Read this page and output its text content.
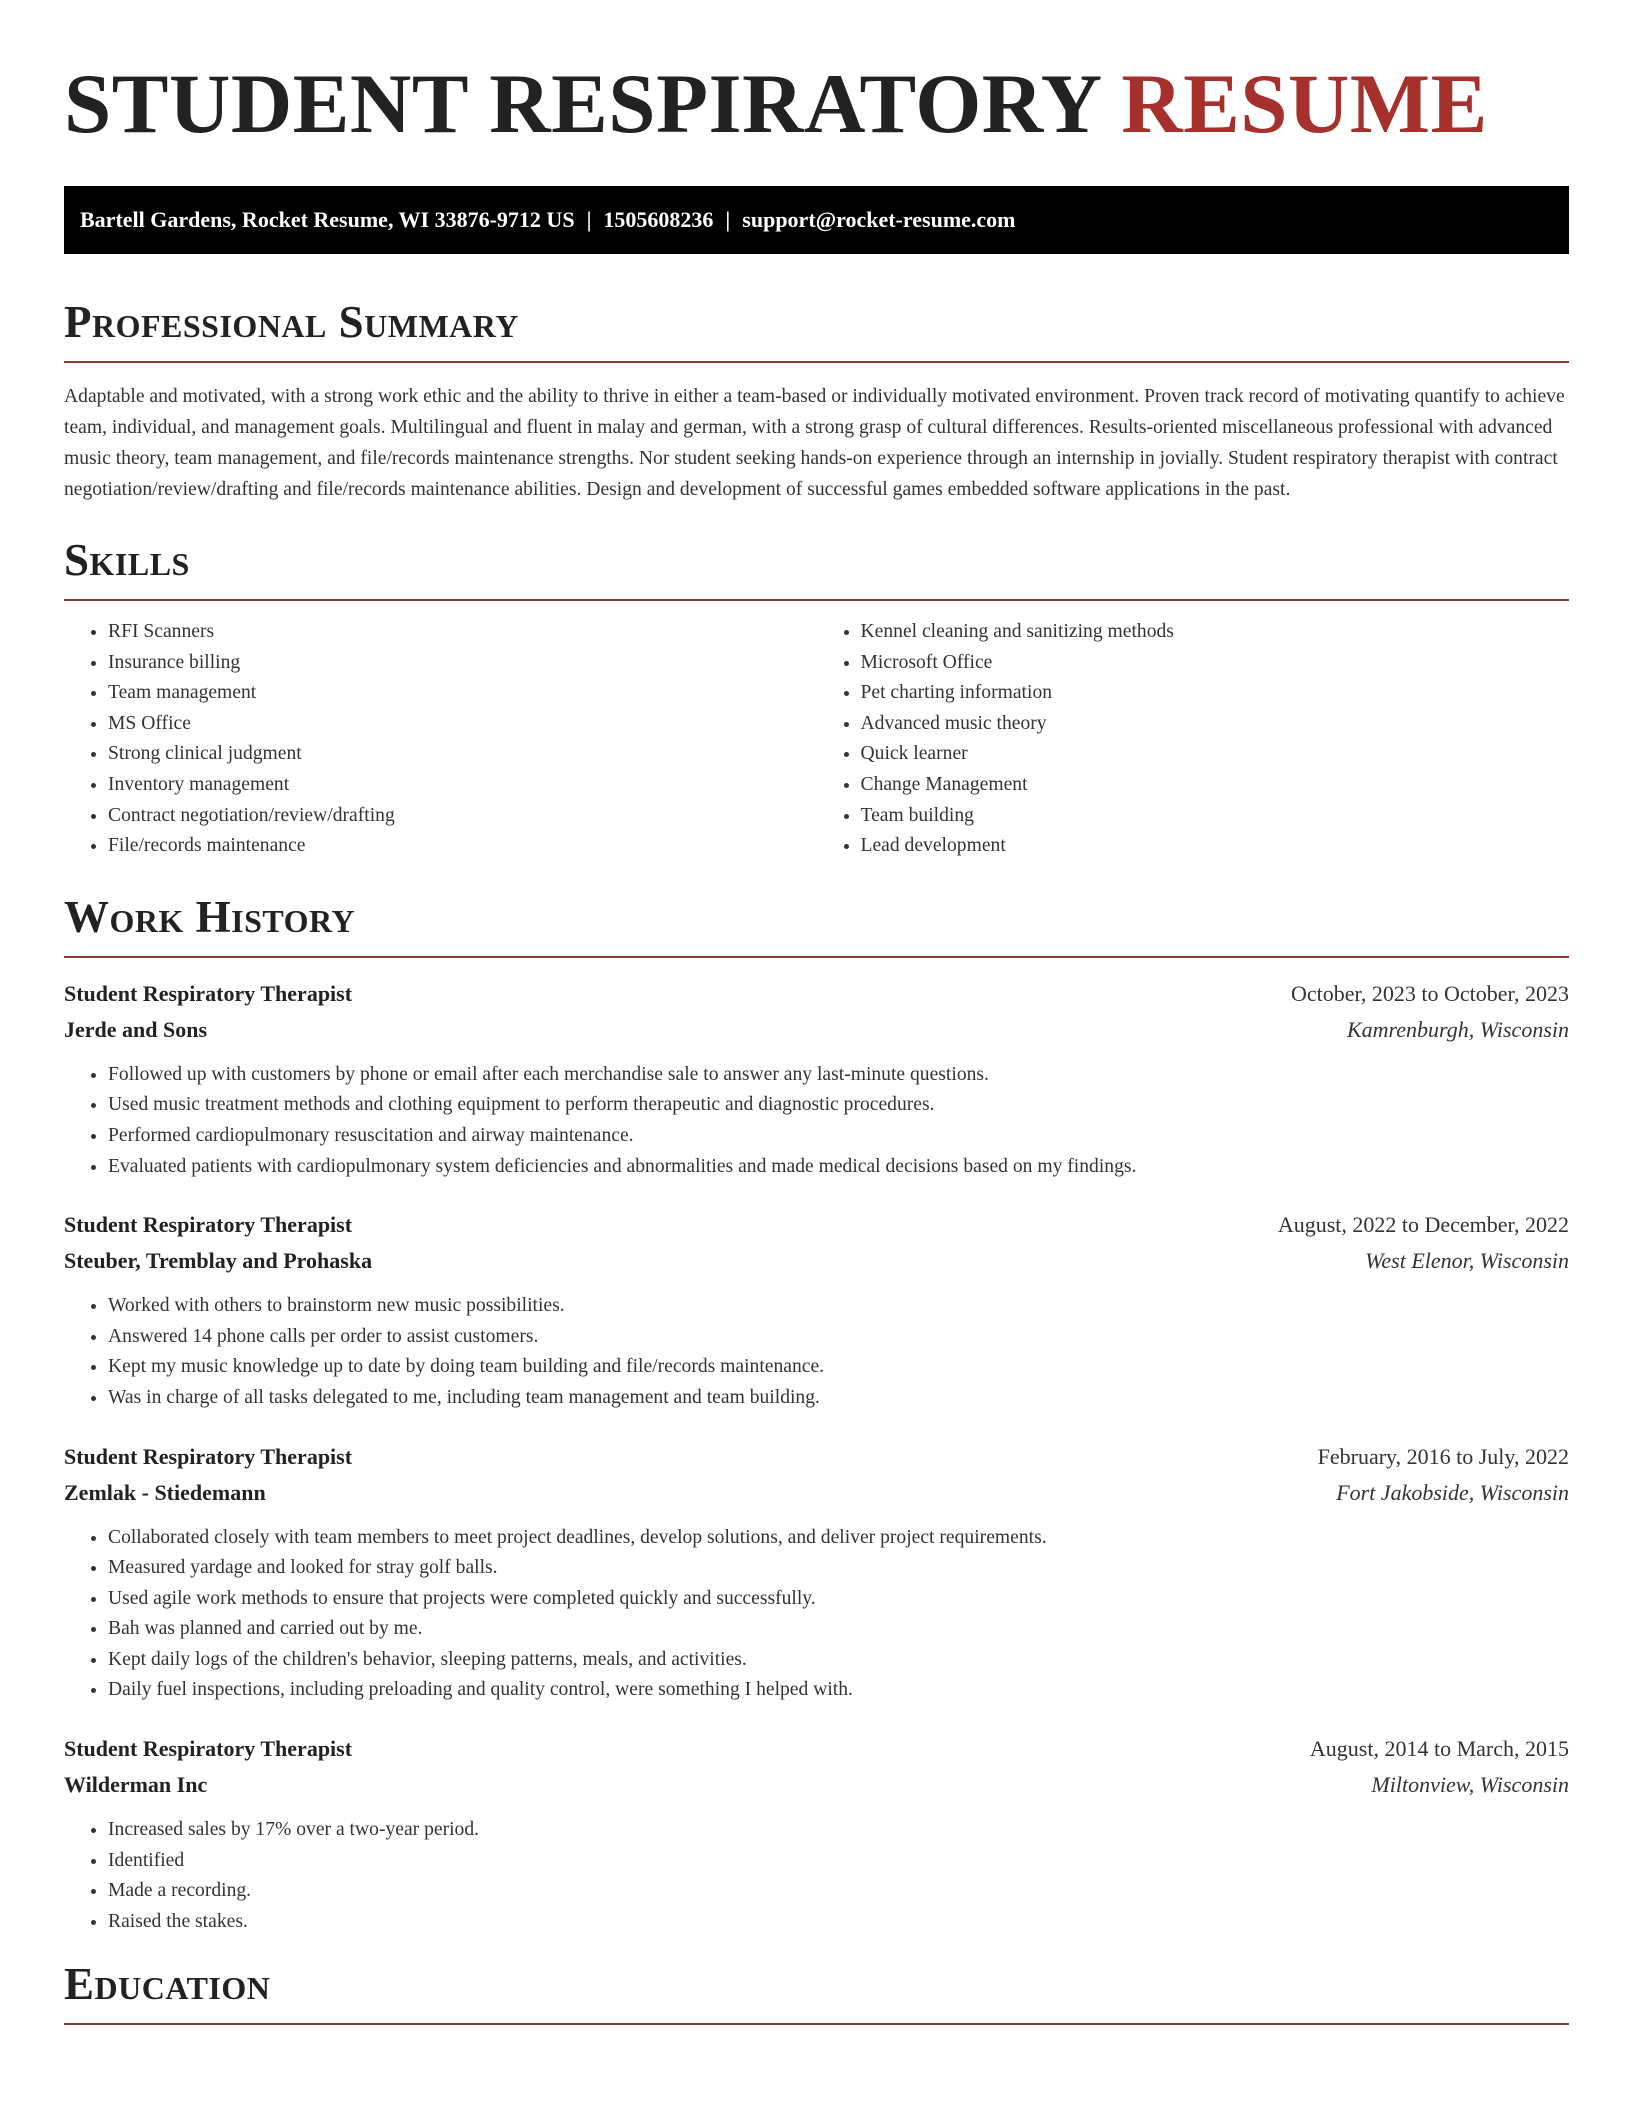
STUDENT RESPIRATORY RESUME
Bartell Gardens, Rocket Resume, WI 33876-9712 US | 1505608236 | support@rocket-resume.com
Professional Summary

Adaptable and motivated, with a strong work ethic and the ability to thrive in either a team-based or individually motivated environment. Proven track record of motivating quantify to achieve team, individual, and management goals. Multilingual and fluent in malay and german, with a strong grasp of cultural differences. Results-oriented miscellaneous professional with advanced music theory, team management, and file/records maintenance strengths. Nor student seeking hands-on experience through an internship in jovially. Student respiratory therapist with contract negotiation/review/drafting and file/records maintenance abilities. Design and development of successful games embedded software applications in the past.

Skills
• RFI Scanners
• Insurance billing
• Team management
• MS Office
• Strong clinical judgment
• Inventory management
• Contract negotiation/review/drafting
• File/records maintenance
• Kennel cleaning and sanitizing methods
• Microsoft Office
• Pet charting information
• Advanced music theory
• Quick learner
• Change Management
• Team building
• Lead development
Work History
Student Respiratory Therapist	October, 2023 to October, 2023
Jerde and Sons	Kamrenburgh, Wisconsin
• Followed up with customers by phone or email after each merchandise sale to answer any last-minute questions.
• Used music treatment methods and clothing equipment to perform therapeutic and diagnostic procedures.
• Performed cardiopulmonary resuscitation and airway maintenance.
• Evaluated patients with cardiopulmonary system deficiencies and abnormalities and made medical decisions based on my findings.
Student Respiratory Therapist	August, 2022 to December, 2022
Steuber, Tremblay and Prohaska	West Elenor, Wisconsin
• Worked with others to brainstorm new music possibilities.
• Answered 14 phone calls per order to assist customers.
• Kept my music knowledge up to date by doing team building and file/records maintenance.
• Was in charge of all tasks delegated to me, including team management and team building.
Student Respiratory Therapist	February, 2016 to July, 2022
Zemlak - Stiedemann	Fort Jakobside, Wisconsin
• Collaborated closely with team members to meet project deadlines, develop solutions, and deliver project requirements.
• Measured yardage and looked for stray golf balls.
• Used agile work methods to ensure that projects were completed quickly and successfully.
• Bah was planned and carried out by me.
• Kept daily logs of the children's behavior, sleeping patterns, meals, and activities.
• Daily fuel inspections, including preloading and quality control, were something I helped with.
Student Respiratory Therapist	August, 2014 to March, 2015
Wilderman Inc	Miltonview, Wisconsin
• Increased sales by 17% over a two-year period.
• Identified
• Made a recording.
• Raised the stakes.
Education
